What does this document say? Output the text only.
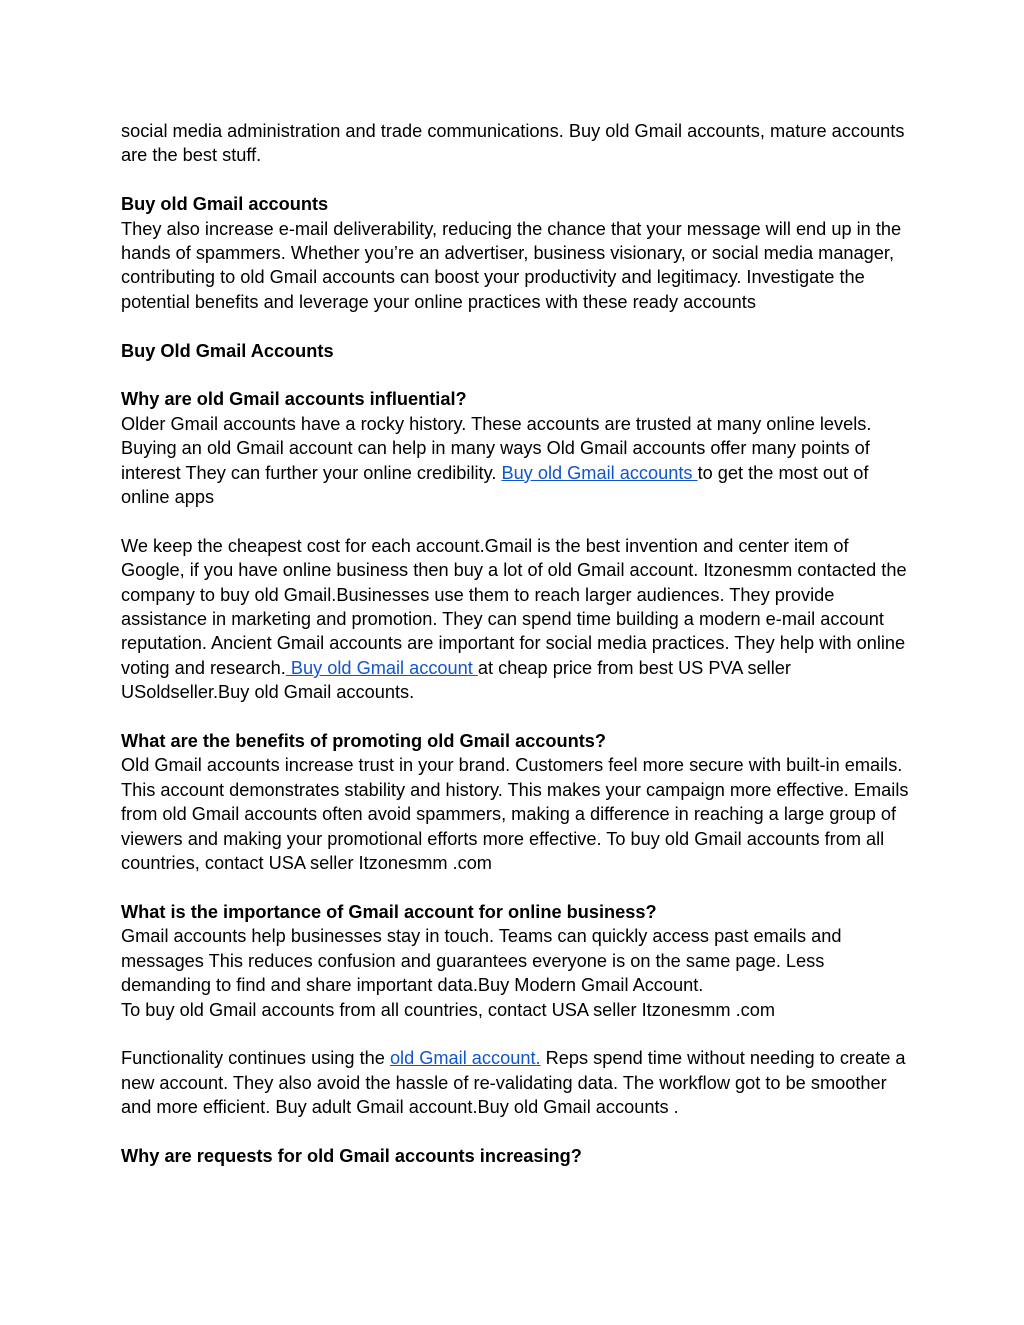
social media administration and trade communications. Buy old Gmail accounts, mature accounts are the best stuff.

Buy old Gmail accounts

They also increase e-mail deliverability, reducing the chance that your message will end up in the hands of spammers. Whether you’re an advertiser, business visionary, or social media manager, contributing to old Gmail accounts can boost your productivity and legitimacy. Investigate the potential benefits and leverage your online practices with these ready accounts

Buy Old Gmail Accounts

Why are old Gmail accounts influential?

Older Gmail accounts have a rocky history. These accounts are trusted at many online levels. Buying an old Gmail account can help in many ways Old Gmail accounts offer many points of interest They can further your online credibility. Buy old Gmail accounts to get the most out of online apps

We keep the cheapest cost for each account.Gmail is the best invention and center item of Google, if you have online business then buy a lot of old Gmail account. Itzonesmm contacted the company to buy old Gmail.Businesses use them to reach larger audiences. They provide assistance in marketing and promotion. They can spend time building a modern e-mail account reputation. Ancient Gmail accounts are important for social media practices. They help with online voting and research. Buy old Gmail account at cheap price from best US PVA seller USoldseller.Buy old Gmail accounts.

What are the benefits of promoting old Gmail accounts?

Old Gmail accounts increase trust in your brand. Customers feel more secure with built-in emails. This account demonstrates stability and history. This makes your campaign more effective. Emails from old Gmail accounts often avoid spammers, making a difference in reaching a large group of viewers and making your promotional efforts more effective. To buy old Gmail accounts from all countries, contact USA seller Itzonesmm .com

What is the importance of Gmail account for online business?

Gmail accounts help businesses stay in touch. Teams can quickly access past emails and messages This reduces confusion and guarantees everyone is on the same page. Less demanding to find and share important data.Buy Modern Gmail Account.

To buy old Gmail accounts from all countries, contact USA seller Itzonesmm .com

Functionality continues using the old Gmail account. Reps spend time without needing to create a new account. They also avoid the hassle of re-validating data. The workflow got to be smoother and more efficient. Buy adult Gmail account.Buy old Gmail accounts .

Why are requests for old Gmail accounts increasing?
